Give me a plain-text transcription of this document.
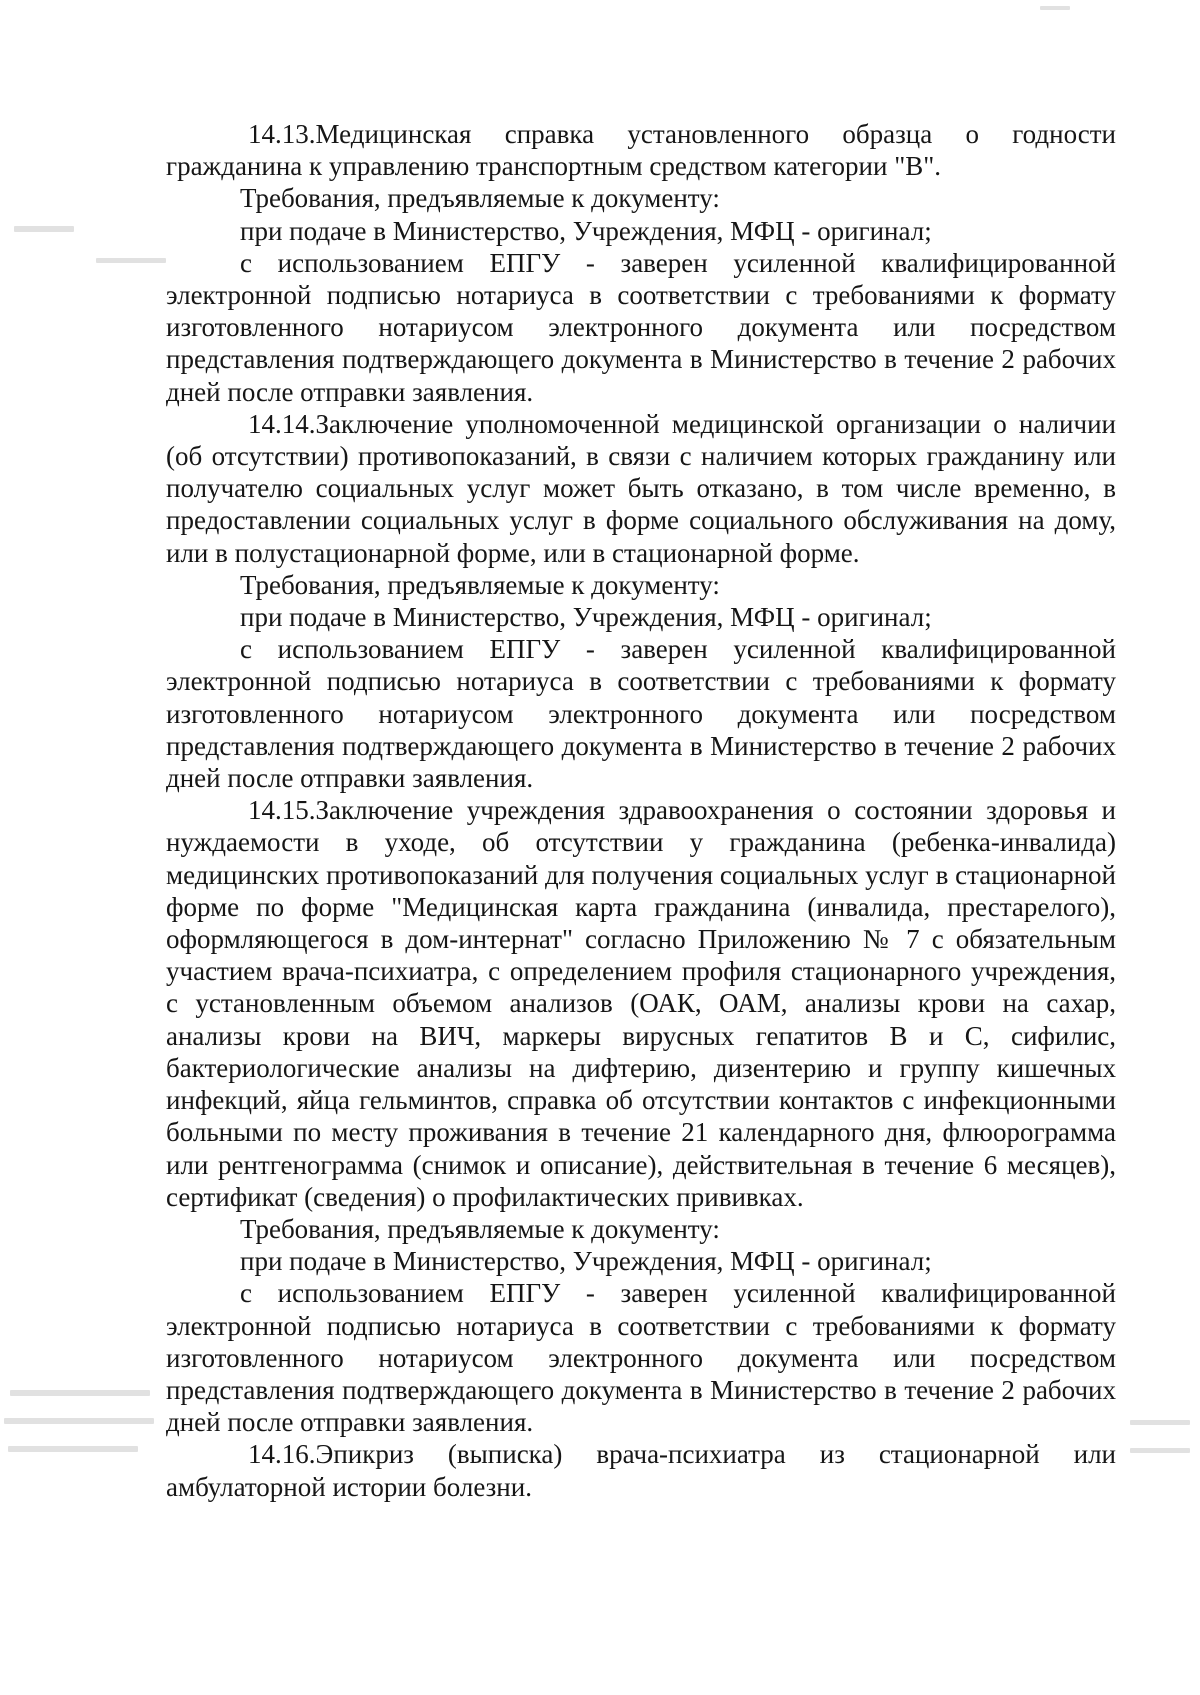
14.13.Медицинская справка установленного образца о годности гражданина к управлению транспортным средством категории "B".

Требования, предъявляемые к документу:

при подаче в Министерство, Учреждения, МФЦ - оригинал;

с использованием ЕПГУ - заверен усиленной квалифицированной электронной подписью нотариуса в соответствии с требованиями к формату изготовленного нотариусом электронного документа или посредством представления подтверждающего документа в Министерство в течение 2 рабочих дней после отправки заявления.

14.14.Заключение уполномоченной медицинской организации о наличии (об отсутствии) противопоказаний, в связи с наличием которых гражданину или получателю социальных услуг может быть отказано, в том числе временно, в предоставлении социальных услуг в форме социального обслуживания на дому, или в полустационарной форме, или в стационарной форме.

Требования, предъявляемые к документу:

при подаче в Министерство, Учреждения, МФЦ - оригинал;

с использованием ЕПГУ - заверен усиленной квалифицированной электронной подписью нотариуса в соответствии с требованиями к формату изготовленного нотариусом электронного документа или посредством представления подтверждающего документа в Министерство в течение 2 рабочих дней после отправки заявления.

14.15.Заключение учреждения здравоохранения о состоянии здоровья и нуждаемости в уходе, об отсутствии у гражданина (ребенка-инвалида) медицинских противопоказаний для получения социальных услуг в стационарной форме по форме "Медицинская карта гражданина (инвалида, престарелого), оформляющегося в дом-интернат" согласно Приложению № 7 с обязательным участием врача-психиатра, с определением профиля стационарного учреждения, с установленным объемом анализов (ОАК, ОАМ, анализы крови на сахар, анализы крови на ВИЧ, маркеры вирусных гепатитов В и С, сифилис, бактериологические анализы на дифтерию, дизентерию и группу кишечных инфекций, яйца гельминтов, справка об отсутствии контактов с инфекционными больными по месту проживания в течение 21 календарного дня, флюорограмма или рентгенограмма (снимок и описание), действительная в течение 6 месяцев), сертификат (сведения) о профилактических прививках.

Требования, предъявляемые к документу:

при подаче в Министерство, Учреждения, МФЦ - оригинал;

с использованием ЕПГУ - заверен усиленной квалифицированной электронной подписью нотариуса в соответствии с требованиями к формату изготовленного нотариусом электронного документа или посредством представления подтверждающего документа в Министерство в течение 2 рабочих дней после отправки заявления.

14.16.Эпикриз (выписка) врача-психиатра из стационарной или амбулаторной истории болезни.
